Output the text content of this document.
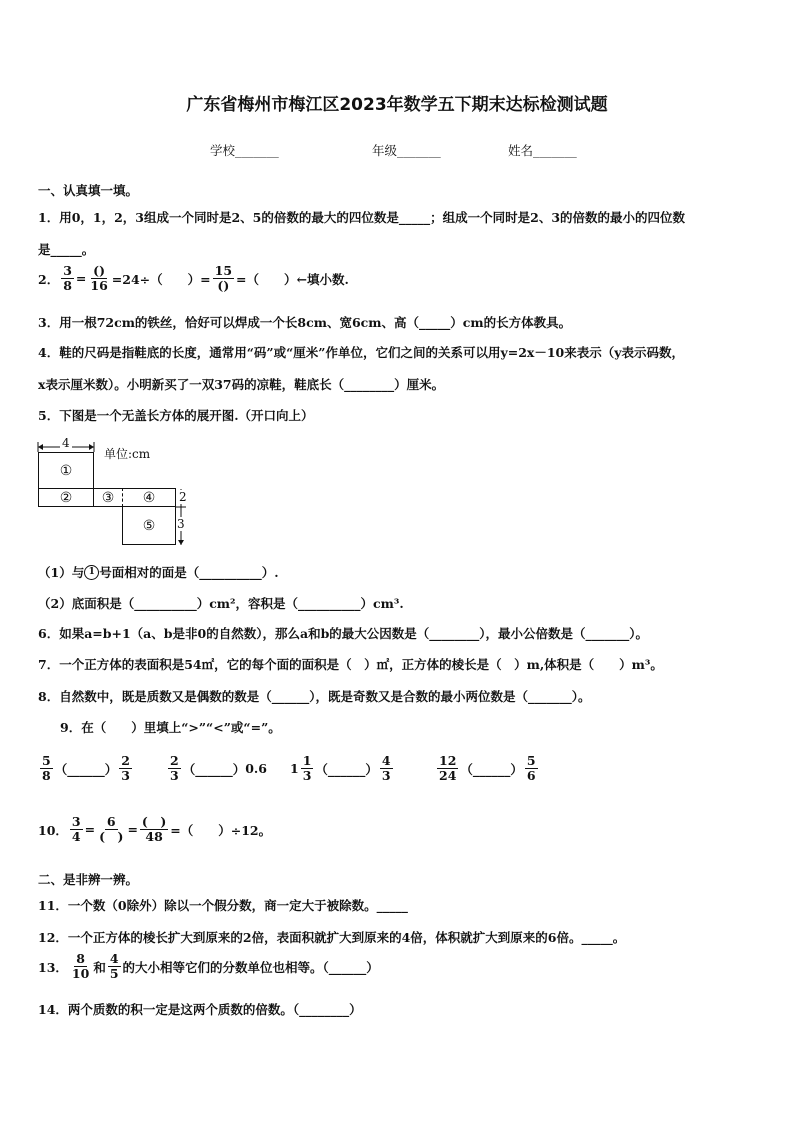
广东省梅州市梅江区2023年数学五下期末达标检测试题
学校_______	年级_______	姓名_______
一、认真填一填。
1．用0，1，2，3组成一个同时是2、5的倍数的最大的四位数是_____；组成一个同时是2、3的倍数的最小的四位数
是_____。
2． $\frac{3}{8} = \frac{()}{16} =24\div$（　　）= $\frac{15}{()}$ =（　　）←填小数.
3．用一根72cm的铁丝，恰好可以焊成一个长8cm、宽6cm、高（_____）cm的长方体教具。
4．鞋的尺码是指鞋底的长度，通常用“码”或“厘米”作单位，它们之间的关系可以用y=2x－10来表示（y表示码数，
x表示厘米数）。小明新买了一双37码的凉鞋，鞋底长（________）厘米。
5．下图是一个无盖长方体的展开图.（开口向上）
4
单位:cm
①
②	③	④
⑤
2
3
（1）与 1 号面相对的面是（__________）.
（2）底面积是（__________）cm²，容积是（__________）cm³.
6．如果a=b+1（a、b是非0的自然数），那么a和b的最大公因数是（________），最小公倍数是（_______）。
7．一个正方体的表面积是54㎡，它的每个面的面积是（　）㎡，正方体的棱长是（　）m,体积是（　　）m³。
8．自然数中，既是质数又是偶数的数是（______），既是奇数又是合数的最小两位数是（_______）。
9．在（　　）里填上“>”“<”或“=”。
$\frac{5}{8}$ （______） $\frac{2}{3}$	$\frac{2}{3}$ （______） 0.6 $1 \frac{1}{3}$ （______） $\frac{4}{3}$	$\frac{12}{24}$ （______） $\frac{5}{6}$
10． $\frac{3}{4} = \frac{6}{( )} = \frac{( )}{48}$ =（　　）÷12。
二、是非辨一辨。
11．一个数（0除外）除以一个假分数，商一定大于被除数。_____
12．一个正方体的棱长扩大到原来的2倍，表面积就扩大到原来的4倍，体积就扩大到原来的6倍。_____。
13． $\frac{8}{10}$ 和 $\frac{4}{5}$ 的大小相等它们的分数单位也相等。（______）
14．两个质数的积一定是这两个质数的倍数。（________）
